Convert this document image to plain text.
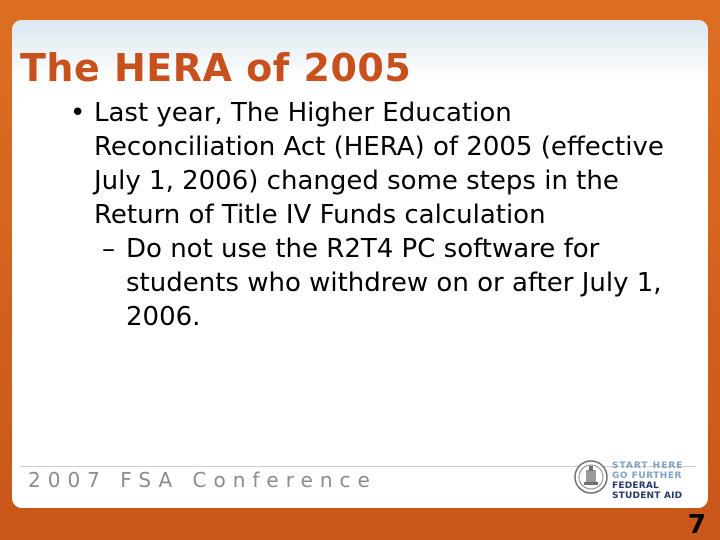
The HERA of 2005
• Last year, The Higher Education Reconciliation Act (HERA) of 2005 (effective July 1, 2006) changed some steps in the Return of Title IV Funds calculation
– Do not use the R2T4 PC software for students who withdrew on or after July 1, 2006.
2007 FSA Conference
START HERE
GO FURTHER
FEDERAL STUDENT AID
7
